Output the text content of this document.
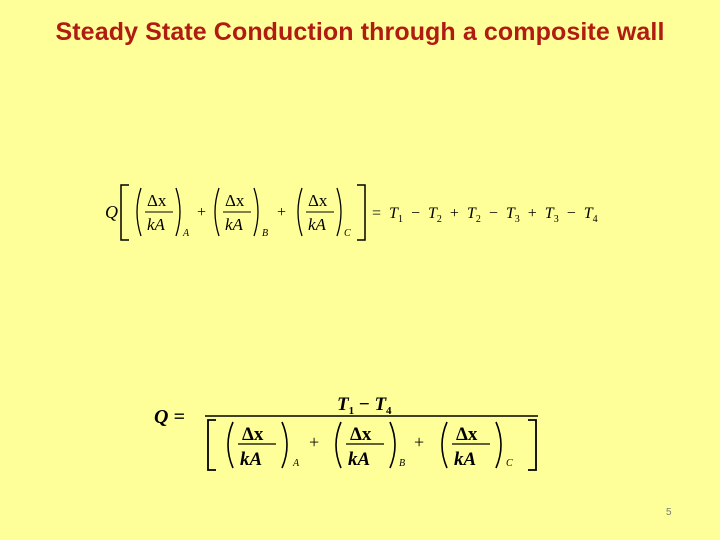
Steady State Conduction through a composite wall
Q
Δx
kA A
+
Δx
kA B
+
Δx
kA C
= $T_1 - T_2 + T_2 - T_3 + T_3 - T_4$
Q =
$T_1 - T_4$
Δx
kA	A
+ Δx
kA	B
+ Δx
kA	C
5
